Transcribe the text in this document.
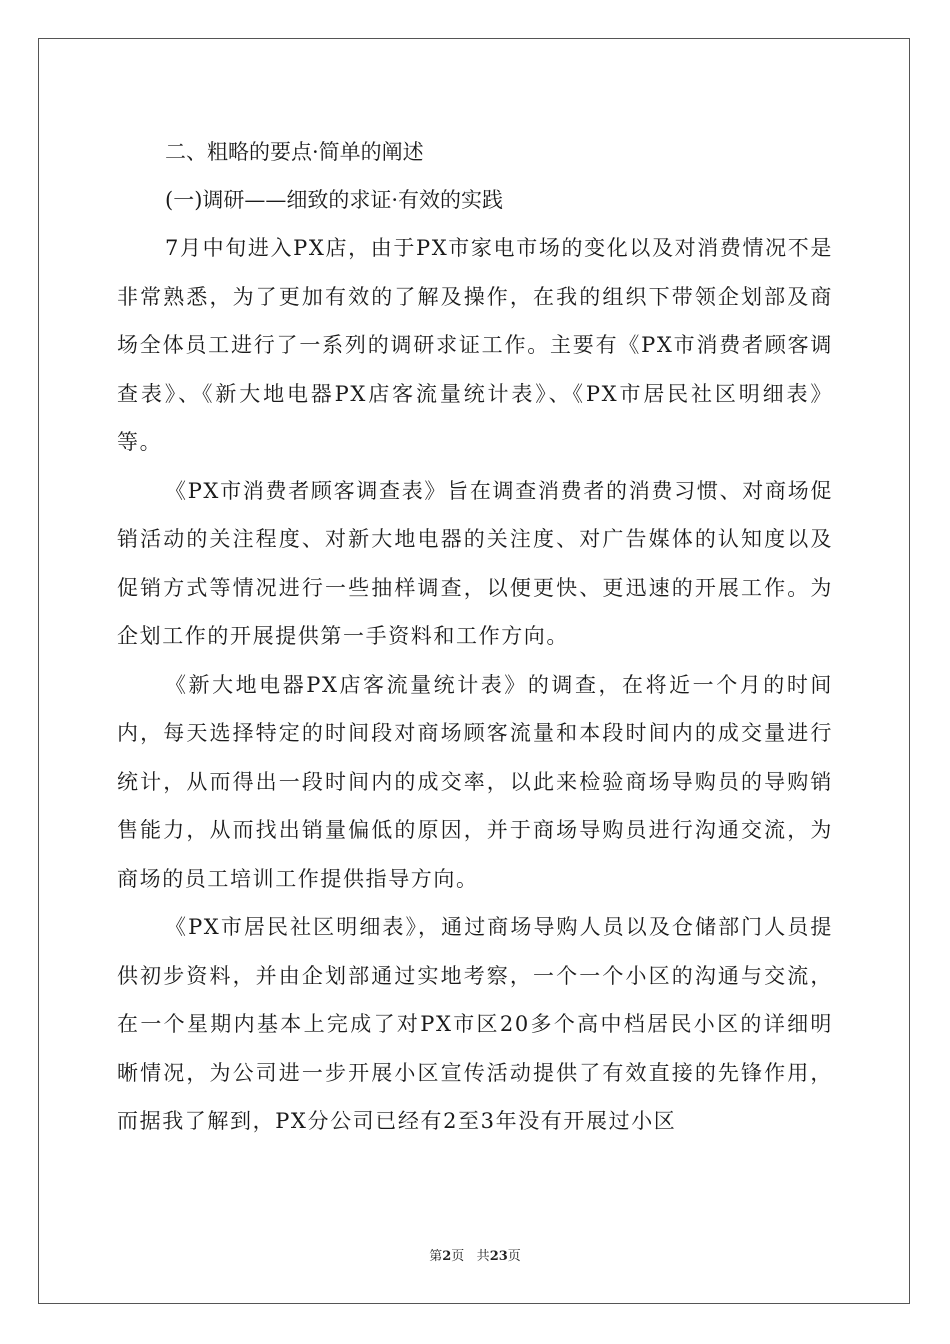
二、粗略的要点·简单的阐述

(一)调研——细致的求证·有效的实践

7月中旬进入PX店，由于PX市家电市场的变化以及对消费情况不是非常熟悉，为了更加有效的了解及操作，在我的组织下带领企划部及商场全体员工进行了一系列的调研求证工作。主要有《PX市消费者顾客调查表》、《新大地电器PX店客流量统计表》、《PX市居民社区明细表》等。

《PX市消费者顾客调查表》旨在调查消费者的消费习惯、对商场促销活动的关注程度、对新大地电器的关注度、对广告媒体的认知度以及促销方式等情况进行一些抽样调查，以便更快、更迅速的开展工作。为企划工作的开展提供第一手资料和工作方向。

《新大地电器PX店客流量统计表》的调查，在将近一个月的时间内，每天选择特定的时间段对商场顾客流量和本段时间内的成交量进行统计，从而得出一段时间内的成交率，以此来检验商场导购员的导购销售能力，从而找出销量偏低的原因，并于商场导购员进行沟通交流，为商场的员工培训工作提供指导方向。

《PX市居民社区明细表》，通过商场导购人员以及仓储部门人员提供初步资料，并由企划部通过实地考察，一个一个小区的沟通与交流，在一个星期内基本上完成了对PX市区20多个高中档居民小区的详细明晰情况，为公司进一步开展小区宣传活动提供了有效直接的先锋作用，而据我了解到，PX分公司已经有2至3年没有开展过小区

第2页 共23页
